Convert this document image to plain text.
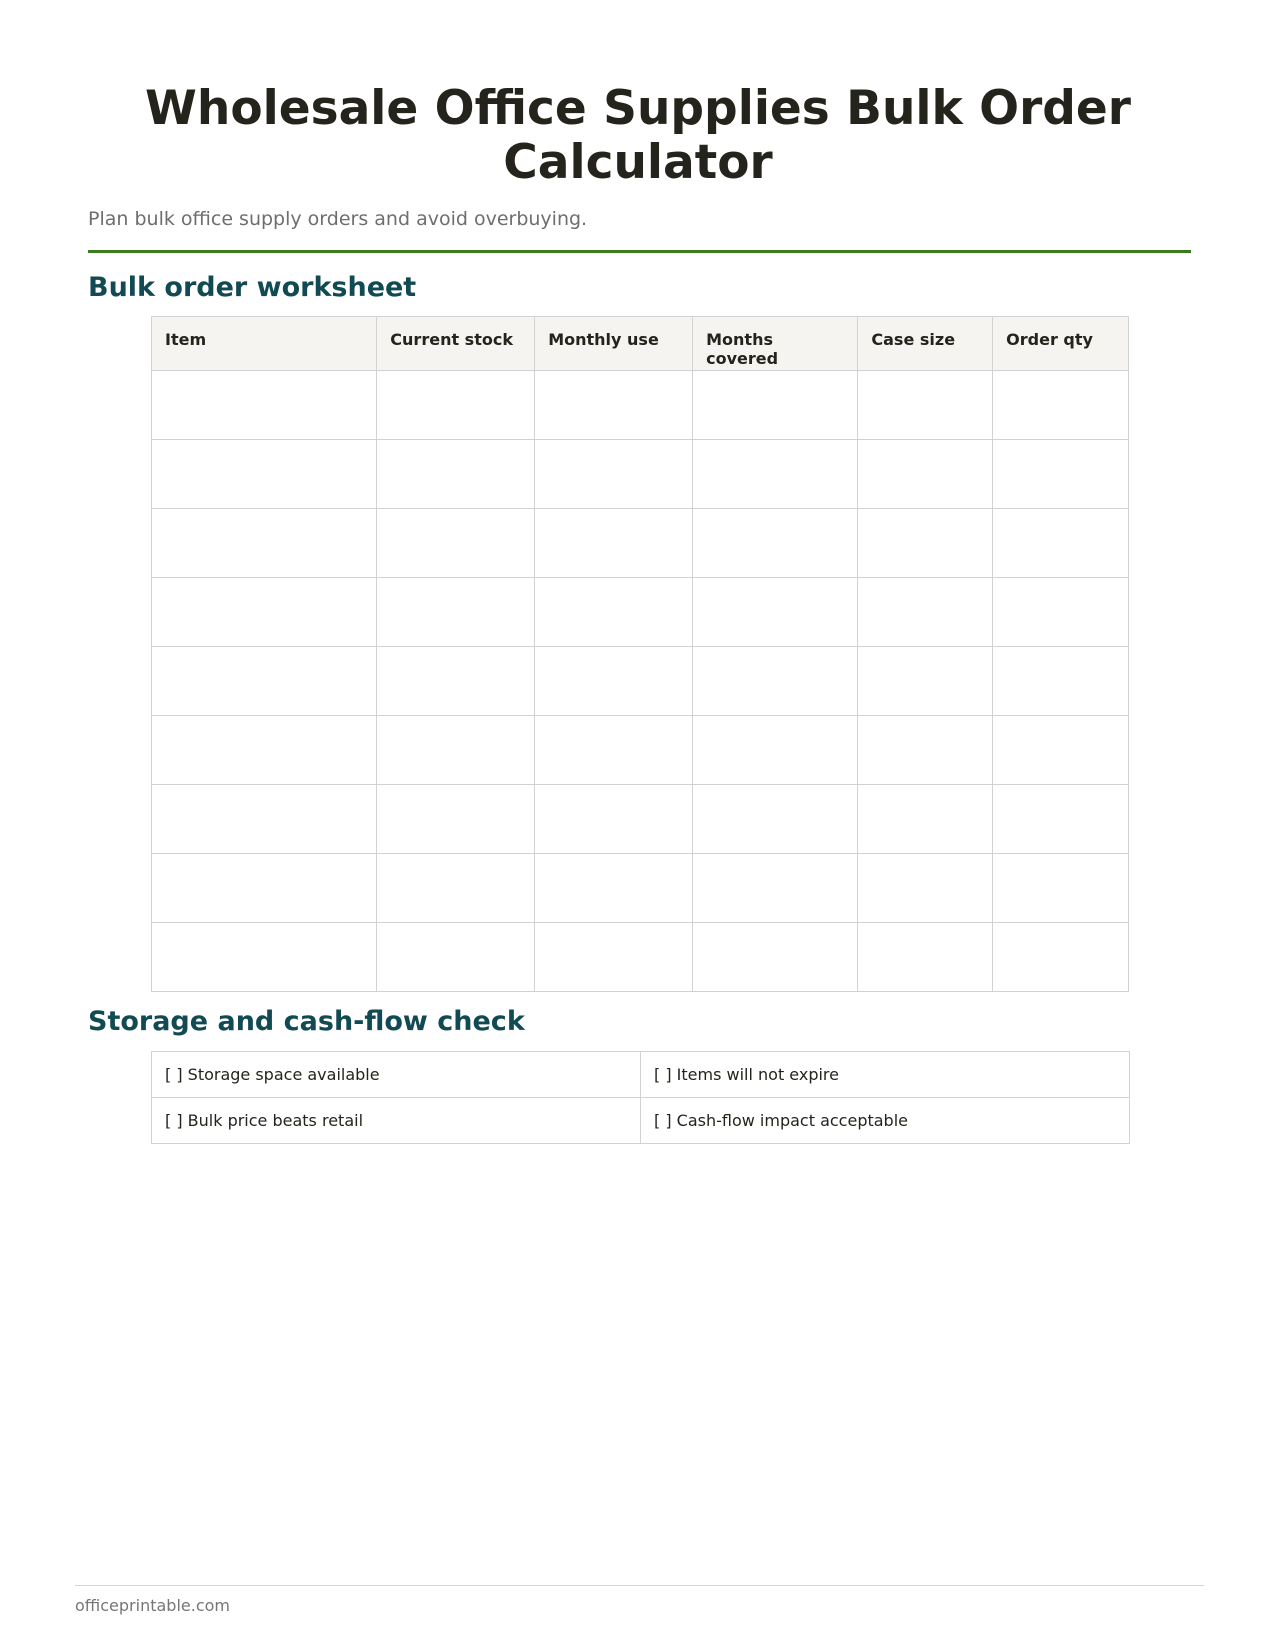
Wholesale Office Supplies Bulk Order Calculator

Plan bulk office supply orders and avoid overbuying.

Bulk order worksheet
Item	Current stock	Monthly use	Months covered	Case size	Order qty

Storage and cash-flow check
[ ] Storage space available	[ ] Items will not expire
[ ] Bulk price beats retail	[ ] Cash-flow impact acceptable

officeprintable.com
